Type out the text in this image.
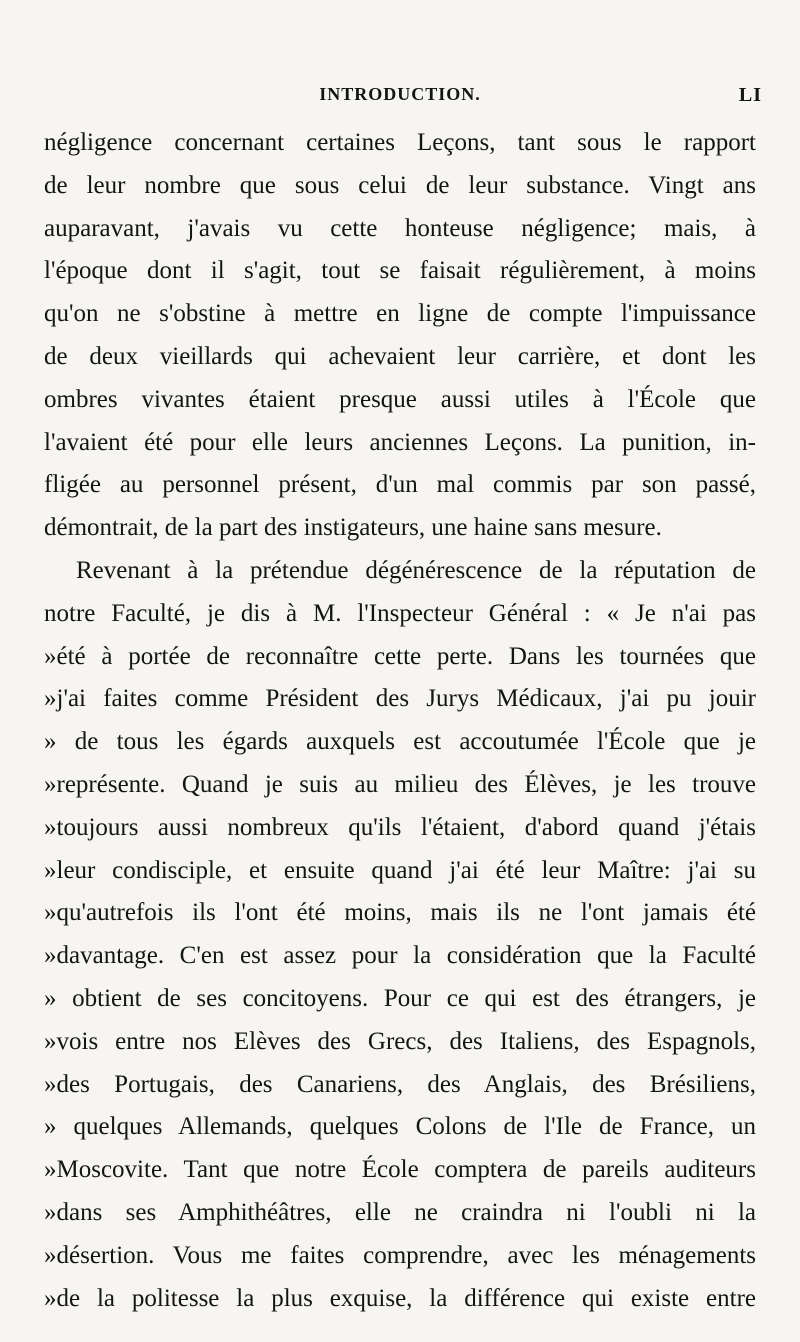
INTRODUCTION.	LI
négligence concernant certaines Leçons, tant sous le rapport
de leur nombre que sous celui de leur substance. Vingt ans
auparavant, j'avais vu cette honteuse négligence; mais, à
l'époque dont il s'agit, tout se faisait régulièrement, à moins
qu'on ne s'obstine à mettre en ligne de compte l'impuissance
de deux vieillards qui achevaient leur carrière, et dont les
ombres vivantes étaient presque aussi utiles à l'École que
l'avaient été pour elle leurs anciennes Leçons. La punition, in-
fligée au personnel présent, d'un mal commis par son passé,
démontrait, de la part des instigateurs, une haine sans mesure.
Revenant à la prétendue dégénérescence de la réputation de
notre Faculté, je dis à M. l'Inspecteur Général : « Je n'ai pas
»été à portée de reconnaître cette perte. Dans les tournées que
»j'ai faites comme Président des Jurys Médicaux, j'ai pu jouir
» de tous les égards auxquels est accoutumée l'École que je
»représente. Quand je suis au milieu des Élèves, je les trouve
»toujours aussi nombreux qu'ils l'étaient, d'abord quand j'étais
»leur condisciple, et ensuite quand j'ai été leur Maître: j'ai su
»qu'autrefois ils l'ont été moins, mais ils ne l'ont jamais été
»davantage. C'en est assez pour la considération que la Faculté
» obtient de ses concitoyens. Pour ce qui est des étrangers, je
»vois entre nos Elèves des Grecs, des Italiens, des Espagnols,
»des Portugais, des Canariens, des Anglais, des Brésiliens,
» quelques Allemands, quelques Colons de l'Ile de France, un
»Moscovite. Tant que notre École comptera de pareils auditeurs
»dans ses Amphithéâtres, elle ne craindra ni l'oubli ni la
»désertion. Vous me faites comprendre, avec les ménagements
»de la politesse la plus exquise, la différence qui existe entre
